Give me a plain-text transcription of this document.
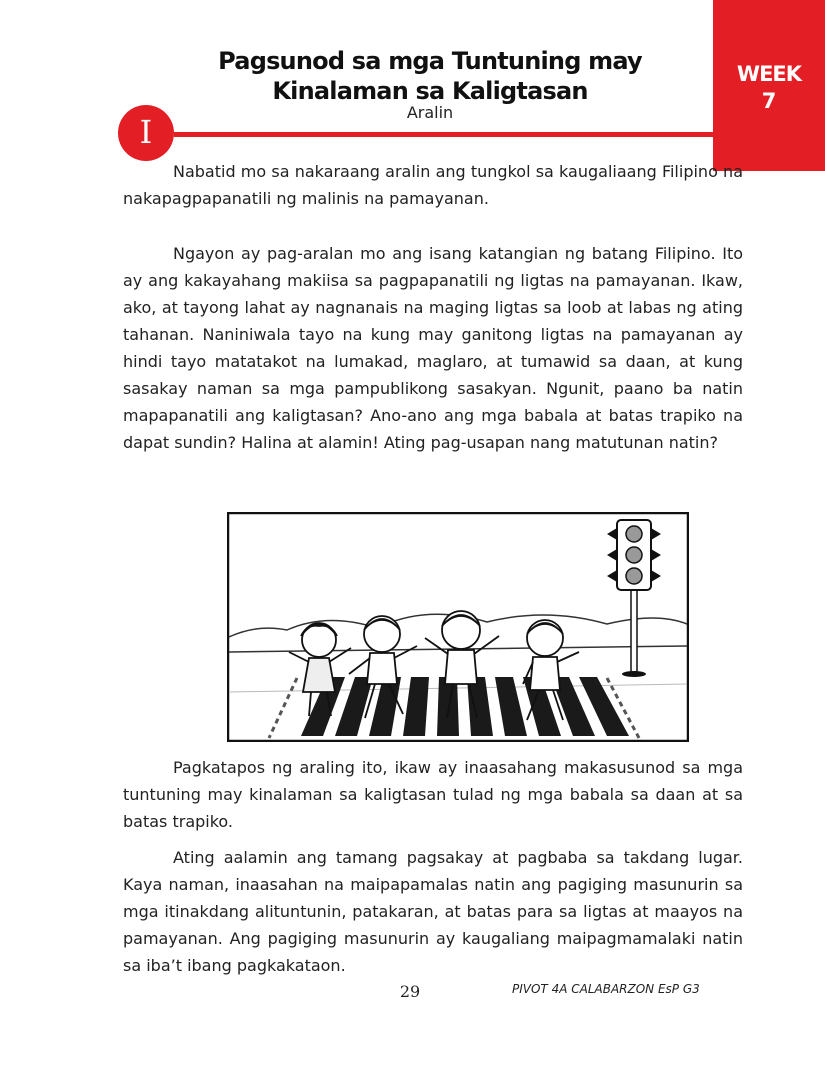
WEEK
7
Pagsunod sa mga Tuntuning may
Kinalaman sa Kaligtasan
Aralin
I

Nabatid mo sa nakaraang aralin ang tungkol sa kaugaliaang Filipino na nakapagpapanatili ng malinis na pamayanan.

Ngayon ay pag-aralan mo ang isang katangian ng batang Filipino. Ito ay ang kakayahang makiisa sa pagpapanatili ng ligtas na pamayanan. Ikaw, ako, at tayong lahat ay nagnanais na maging ligtas sa loob at labas ng ating tahanan. Naniniwala tayo na kung may ganitong ligtas na pamayanan ay hindi tayo matatakot na lumakad, maglaro, at tumawid sa daan, at kung sasakay naman sa mga pampublikong sasakyan. Ngunit, paano ba natin mapapanatili ang kaligtasan? Ano-ano ang mga babala at batas trapiko na dapat sundin? Halina at alamin! Ating pag-usapan nang matutunan natin?

Pagkatapos ng araling ito, ikaw ay inaasahang makasusunod sa mga tuntuning may kinalaman sa kaligtasan tulad ng mga babala sa daan at sa batas trapiko.

Ating aalamin ang tamang pagsakay at pagbaba sa takdang lugar. Kaya naman, inaasahan na maipapamalas natin ang pagiging masunurin sa mga itinakdang alituntunin, patakaran, at batas para sa ligtas at maayos na pamayanan. Ang pagiging masunurin ay kaugaliang maipagmamalaki natin sa iba’t ibang pagkakataon.

29	PIVOT 4A CALABARZON EsP G3
